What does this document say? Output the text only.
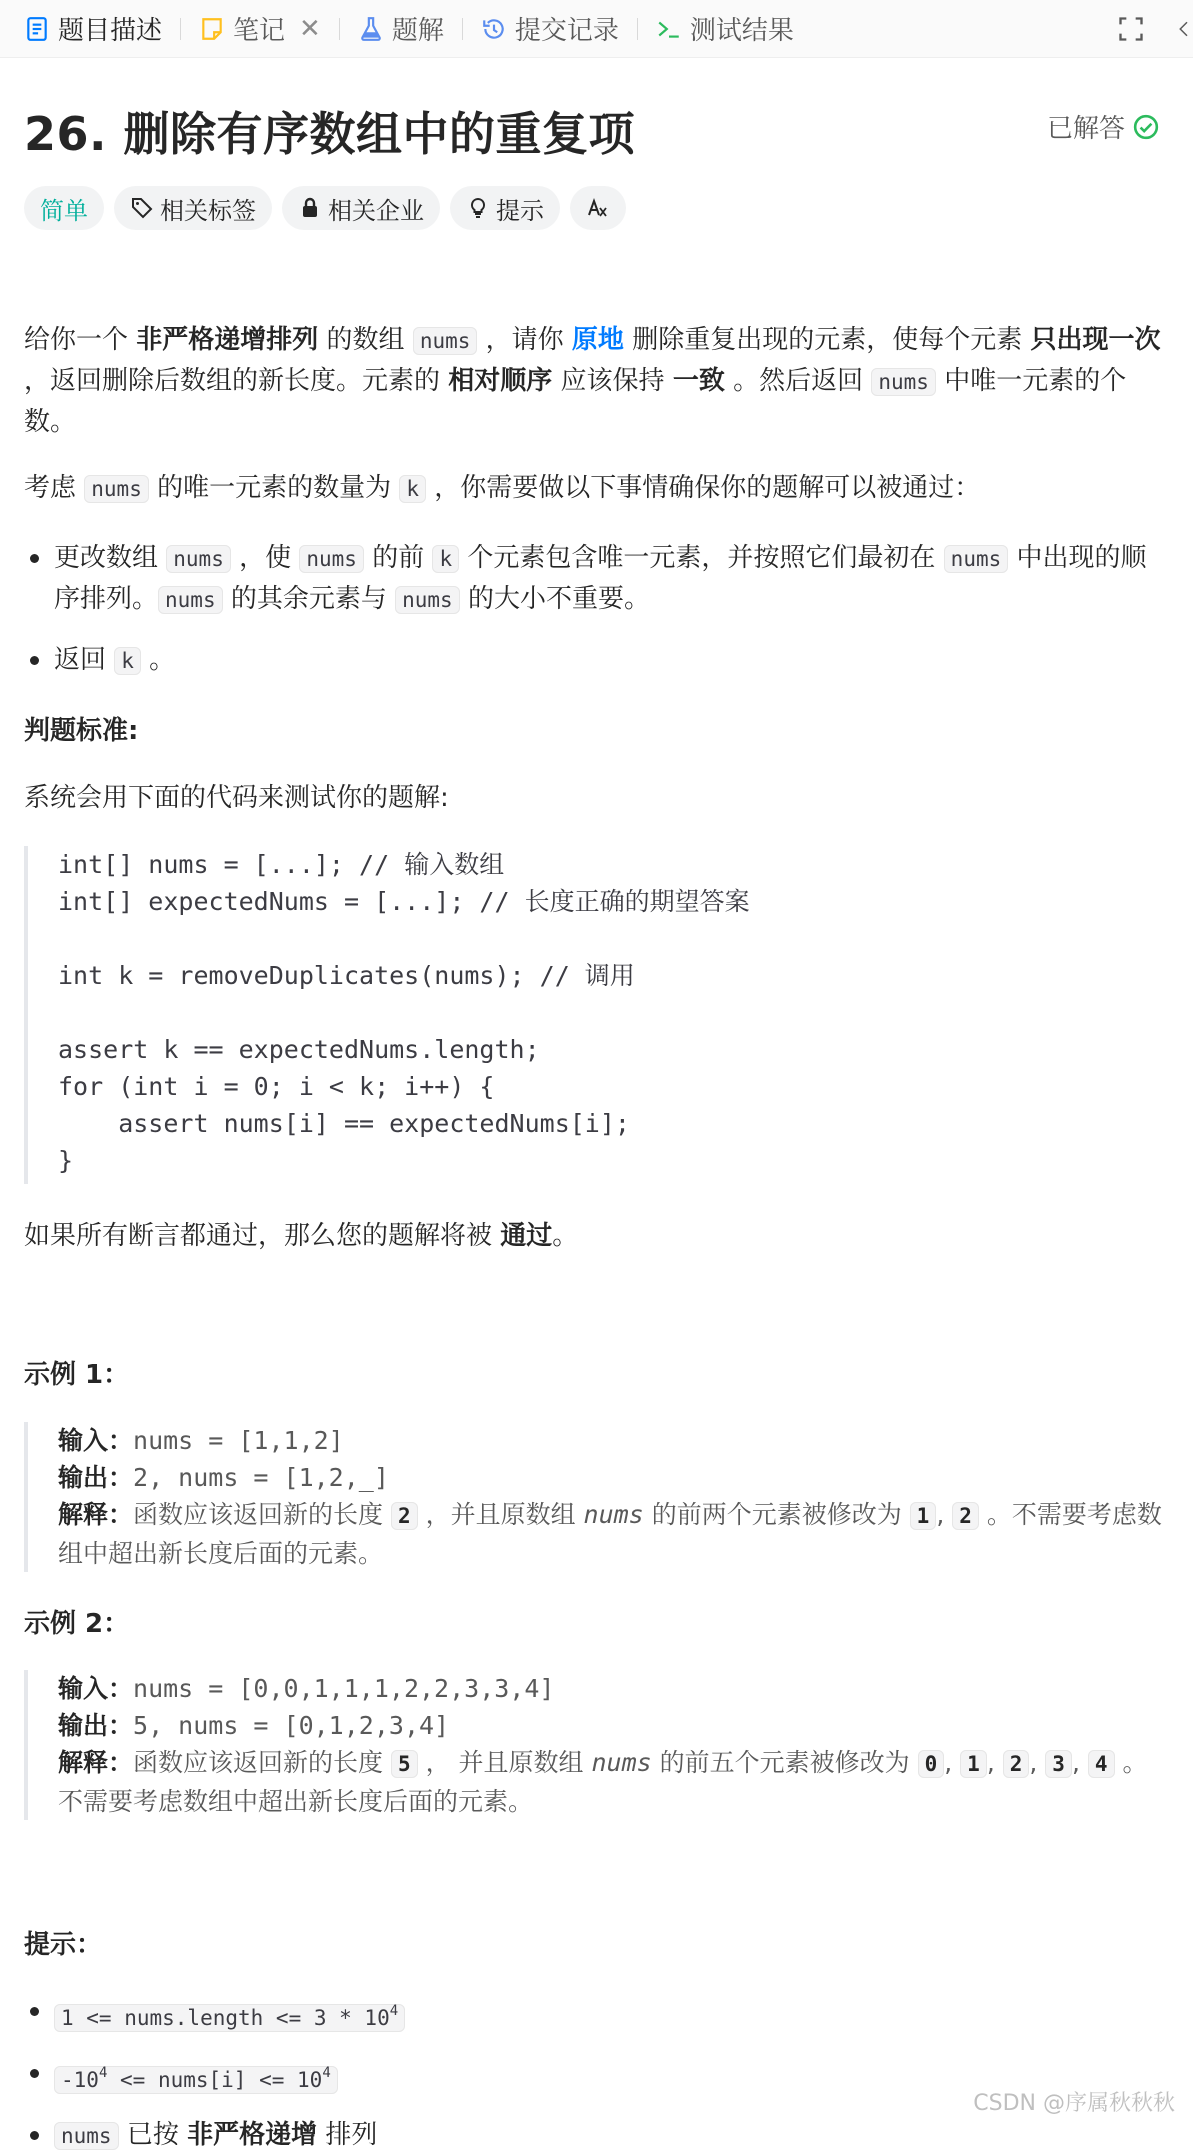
题目描述	笔记 ✕	题解	提交记录	测试结果
26. 删除有序数组中的重复项	已解答
简单	相关标签	相关企业	提示
给你一个 非严格递增排列 的数组 nums ，请你 原地 删除重复出现的元素，使每个元素 只出现一次 ，返回删除后数组的新长度。元素的 相对顺序 应该保持 一致 。然后返回 nums 中唯一元素的个数。
考虑 nums 的唯一元素的数量为 k ，你需要做以下事情确保你的题解可以被通过：
更改数组 nums ，使 nums 的前 k 个元素包含唯一元素，并按照它们最初在 nums 中出现的顺序排列。 nums 的其余元素与 nums 的大小不重要。
返回 k 。
判题标准:
系统会用下面的代码来测试你的题解:
int[] nums = [...]; // 输入数组
int[] expectedNums = [...]; // 长度正确的期望答案
int k = removeDuplicates(nums); // 调用
assert k == expectedNums.length;
for (int i = 0; i < k; i++) {
assert nums[i] == expectedNums[i];
}
如果所有断言都通过，那么您的题解将被 通过。
示例 1：
输入：nums = [1,1,2]
输出：2, nums = [1,2,_]
解释：函数应该返回新的长度 2 ，并且原数组 nums 的前两个元素被修改为 1 , 2 。不需要考虑数组中超出新长度后面的元素。
示例 2：
输入：nums = [0,0,1,1,1,2,2,3,3,4]
输出：5, nums = [0,1,2,3,4]
解释：函数应该返回新的长度 5 ， 并且原数组 nums 的前五个元素被修改为 0 , 1 , 2 , 3 , 4 。不需要考虑数组中超出新长度后面的元素。
提示：
1 <= nums.length <= $3 * 10^4$
$-10^4$ <= nums[i] <= $10^4$
nums 已按 非严格递增 排列
CSDN @序属秋秋秋
